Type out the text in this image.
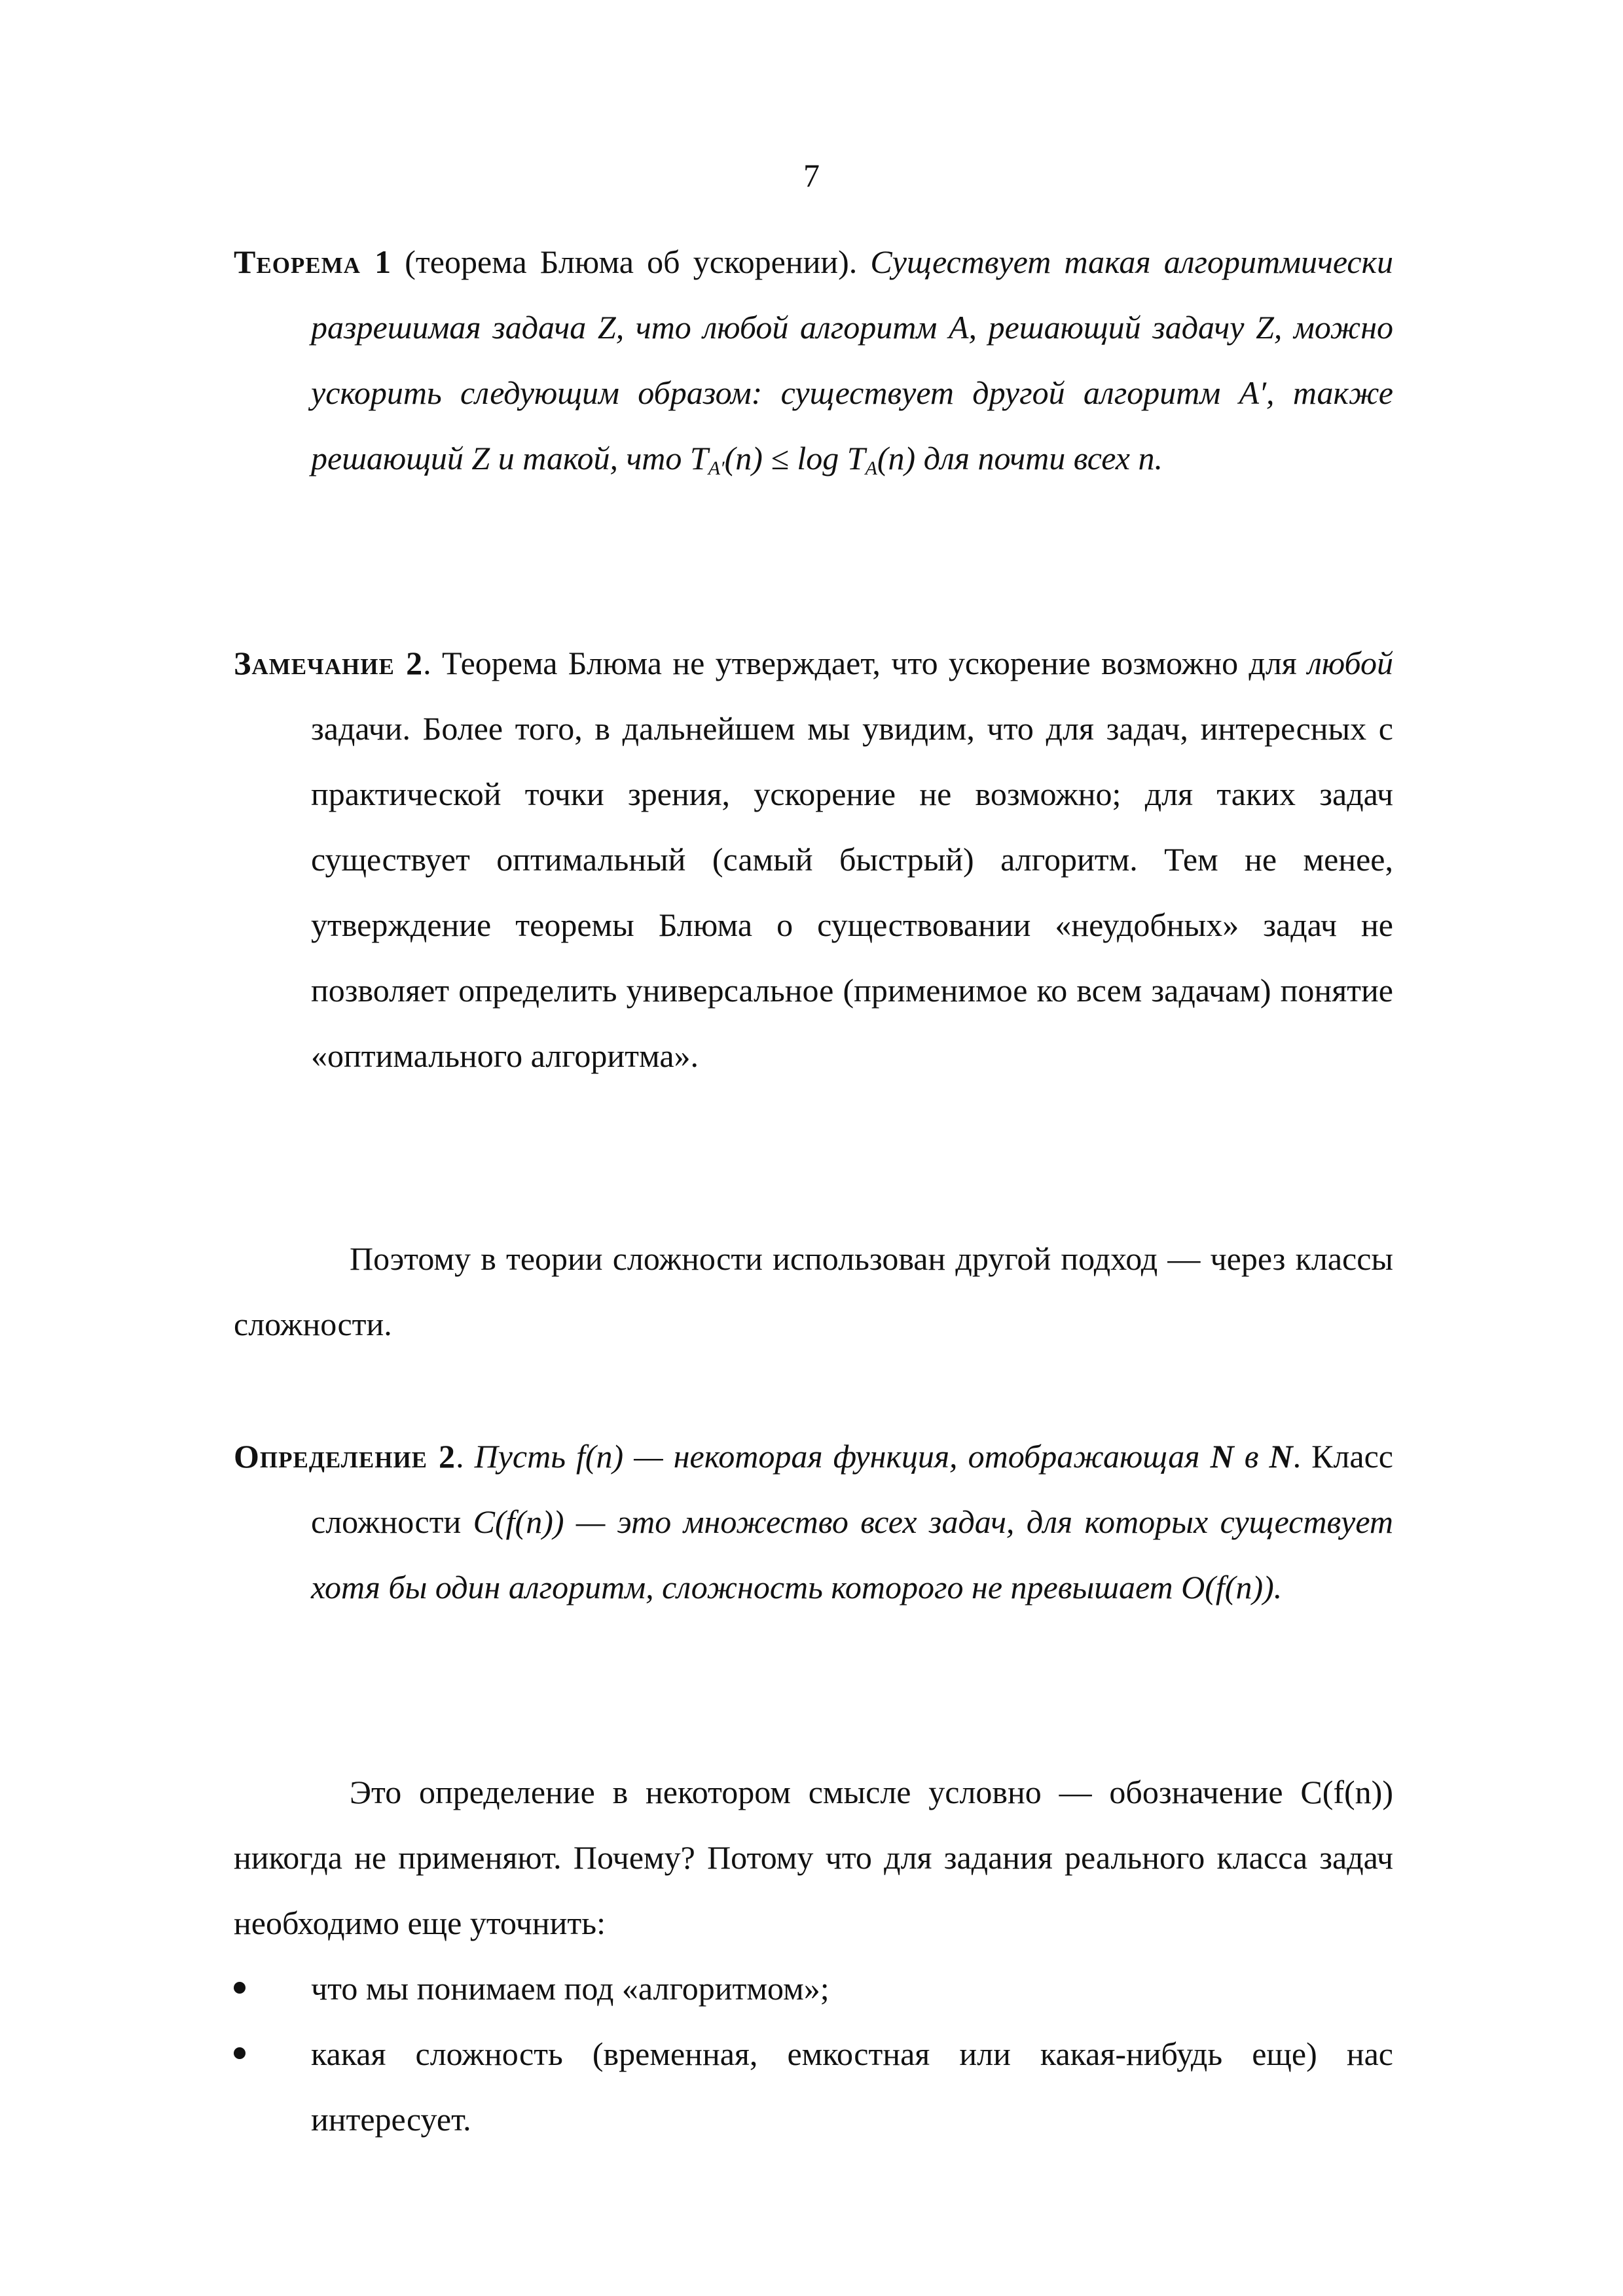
7

Теорема 1 (теорема Блюма об ускорении). Существует такая алгоритмически разрешимая задача Z, что любой алгоритм A, решающий задачу Z, можно ускорить следующим образом: существует другой алгоритм A′, также решающий Z и такой, что $T_{A'}(n) \le \log T_A(n)$ для почти всех n.

Замечание 2. Теорема Блюма не утверждает, что ускорение возможно для любой задачи. Более того, в дальнейшем мы увидим, что для задач, интересных с практической точки зрения, ускорение не возможно; для таких задач существует оптимальный (самый быстрый) алгоритм. Тем не менее, утверждение теоремы Блюма о существовании «неудобных» задач не позволяет определить универсальное (применимое ко всем задачам) понятие «оптимального алгоритма».

Поэтому в теории сложности использован другой подход — через классы сложности.

Определение 2. Пусть f(n) — некоторая функция, отображающая N в N. Класс сложности C(f(n)) — это множество всех задач, для которых существует хотя бы один алгоритм, сложность которого не превышает O(f(n)).

Это определение в некотором смысле условно — обозначение C(f(n)) никогда не применяют. Почему? Потому что для задания реального класса задач необходимо еще уточнить:

что мы понимаем под «алгоритмом»;
какая сложность (временная, емкостная или какая-нибудь еще) нас интересует.
